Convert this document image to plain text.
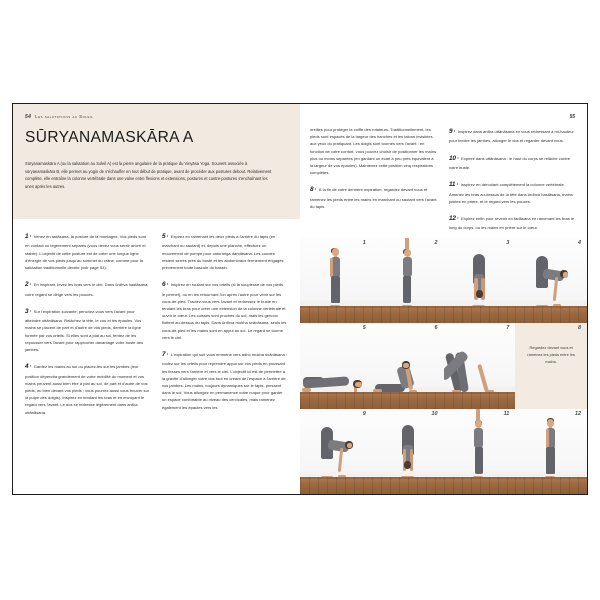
54 Les salutations au Soleil
SŪRYANAMASKĀRA A
Sūryanamaskāra A (ou la salutation au Soleil A) est la pierre angulaire de la pratique du Vinyāsa Yoga. Souvent associée à sūryanamaskāra B, elle permet au yogin de s'échauffer en tout début de pratique, avant de procéder aux postures debout. Relativement complète, elle entraîne la colonne vertébrale dans une valse entre flexions et extensions, postures et contre-postures s'enchaînant les unes après les autres.
1 · Venez en tadāsana, la posture de la montagne. Vos pieds sont en contact ou légèrement séparés (vous devez vous sentir ancré et stable). L'objectif de cette posture est de créer une longue ligne d'énergie de vos pieds jusqu'au sommet du crâne, comme pour la salutation traditionnelle décrite (voir page 53).
2 · En inspirant, levez les bras vers le ciel. Dans ūrdhva hastāsana, votre regard se dirige vers les pouces.
3 · Sur l'expiration suivante, penchez-vous vers l'avant pour atteindre uttānāsana. Relâchez la tête, le cou et les épaules. Vos mains se placent de part et d'autre de vos pieds, derrière la ligne formée par vos orteils. Si elles sont à plat au sol, tentez de les repousser vers l'avant pour rapprocher davantage votre buste des jambes.
4 · Gardez les mains au sol ou placez-les sur les jambes (leur position dépendra grandement de votre mobilité du moment et vos mains peuvent aussi bien être à plat au sol, de part et d'autre de vos pieds, ou bien devant vos pieds ; vous pourrez aussi vous trouver sur la pulpe des doigts). Inspirez en tendant les bras et en envoyant le regard vers l'avant. Le dos se redresse légèrement dans ardha uttānāsana.
5 · Expirez en ramenant les deux pieds à l'arrière du tapis (en marchant ou sautant) et, depuis une planche, effectuez un mouvement de pompe pour caturaṅga daṇḍāsana. Les coudes restent serrés près du buste et les abdominaux fermement engagés préviennent toute bascule du bassin.
6 · Inspirez en roulant sur vos orteils (si la souplesse de vos pieds le permet), ou en les retournant l'un après l'autre pour venir sur les cous-de-pied. Tractez-vous vers l'avant et redressez le buste en tendant les bras pour créer une extension de la colonne vertébrale et ouvrir le cœur. Les cuisses sont proches du sol, mais les genoux flottent au-dessus du tapis. Dans ūrdhva mukha śvānāsana, seuls les cous-de-pied et les mains sont en appui au sol. Le regard se tourne vers le ciel.
7 · L'expiration qui suit vous emmène vers adho mukha śvānāsana : roulez sur les orteils pour reprendre appui sur vos pieds en poussant les fesses vers l'arrière et vers le ciel. L'objectif ici est de permettre à la gravité d'allonger votre dos tout en créant de l'espace à l'arrière de vos jambes. Les mains, toujours dynamiques sur le tapis, pressent dans le sol. Vous allongez en permanence votre nuque pour garder un espace confortable au niveau des cervicales, mais ramenez également les épaules vers les
55
oreilles pour protéger la coiffe des rotateurs. Traditionnellement, les pieds sont espacés de la largeur des hanches et les talons invisibles aux yeux du pratiquant. Les doigts sont tournés vers l'avant : en fonction de votre confort, vous pouvez choisir de positionner les mains plus ou moins séparées (en gardant un écart à peu près équivalent à la largeur de vos épaules). Maintenez cette position cinq respirations complètes.
8 · À la fin de votre dernière expiration, regardez devant vous et ramenez les pieds entre les mains en marchant ou sautant vers l'avant du tapis.
9 · Inspirez dans ardha uttānāsana en vous redressant à mi-hauteur pour tendre les jambes, allonger le dos et regarder devant vous.
10 · Expirez dans uttānāsana : le haut du corps se relâche contre votre buste.
11 · Inspirez en déroulant complètement la colonne vertébrale. Amenez les bras au-dessus de la tête dans ūrdhva hastāsana, mains jointes en prière, et le regard vers les pouces.
12 · Expirez enfin pour revenir en tadāsana en ramenant les bras le long du corps, ou les mains en prière sur le cœur.
1	2	3	4
5	6	7	8
Regardez devant vous et ramenez les pieds entre les mains.
9	10	11	12
